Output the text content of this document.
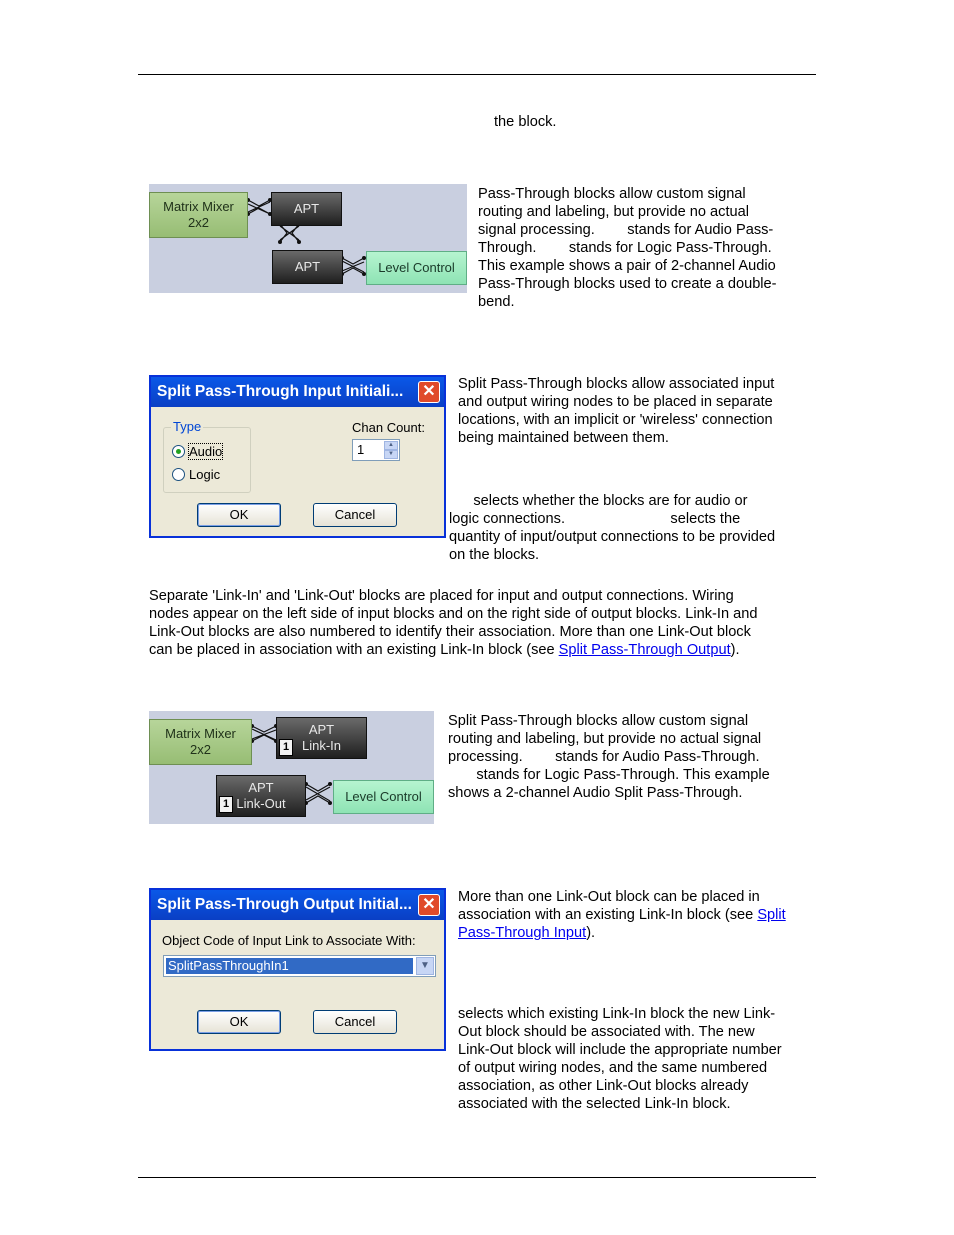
the block.
Matrix Mixer
2x2
APT
APT	Level Control
Pass-Through blocks allow custom signal
routing and labeling, but provide no actual
signal processing.        stands for Audio Pass-
Through.        stands for Logic Pass-Through.
This example shows a pair of 2-channel Audio
Pass-Through blocks used to create a double-
bend.
Split Pass-Through Input Initiali...	✕
Type
Audio
Logic
Chan Count:
1	▲
▼
OK	Cancel
Split Pass-Through blocks allow associated input
and output wiring nodes to be placed in separate
locations, with an implicit or 'wireless' connection
being maintained between them.
selects whether the blocks are for audio or
logic connections.                          selects the
quantity of input/output connections to be provided
on the blocks.
Separate 'Link-In' and 'Link-Out' blocks are placed for input and output connections. Wiring
nodes appear on the left side of input blocks and on the right side of output blocks. Link-In and
Link-Out blocks are also numbered to identify their association. More than one Link-Out block
can be placed in association with an existing Link-In block (see Split Pass-Through Output).
Matrix Mixer
2x2
APT
Link-In
1
APT
Link-Out
1	Level Control
Split Pass-Through blocks allow custom signal
routing and labeling, but provide no actual signal
processing.        stands for Audio Pass-Through.
stands for Logic Pass-Through. This example
shows a 2-channel Audio Split Pass-Through.
Split Pass-Through Output Initial... ✕
Object Code of Input Link to Associate With:
SplitPassThroughIn1	▼
OK	Cancel
More than one Link-Out block can be placed in
association with an existing Link-In block (see Split
Pass-Through Input).
selects which existing Link-In block the new Link-
Out block should be associated with. The new
Link-Out block will include the appropriate number
of output wiring nodes, and the same numbered
association, as other Link-Out blocks already
associated with the selected Link-In block.
